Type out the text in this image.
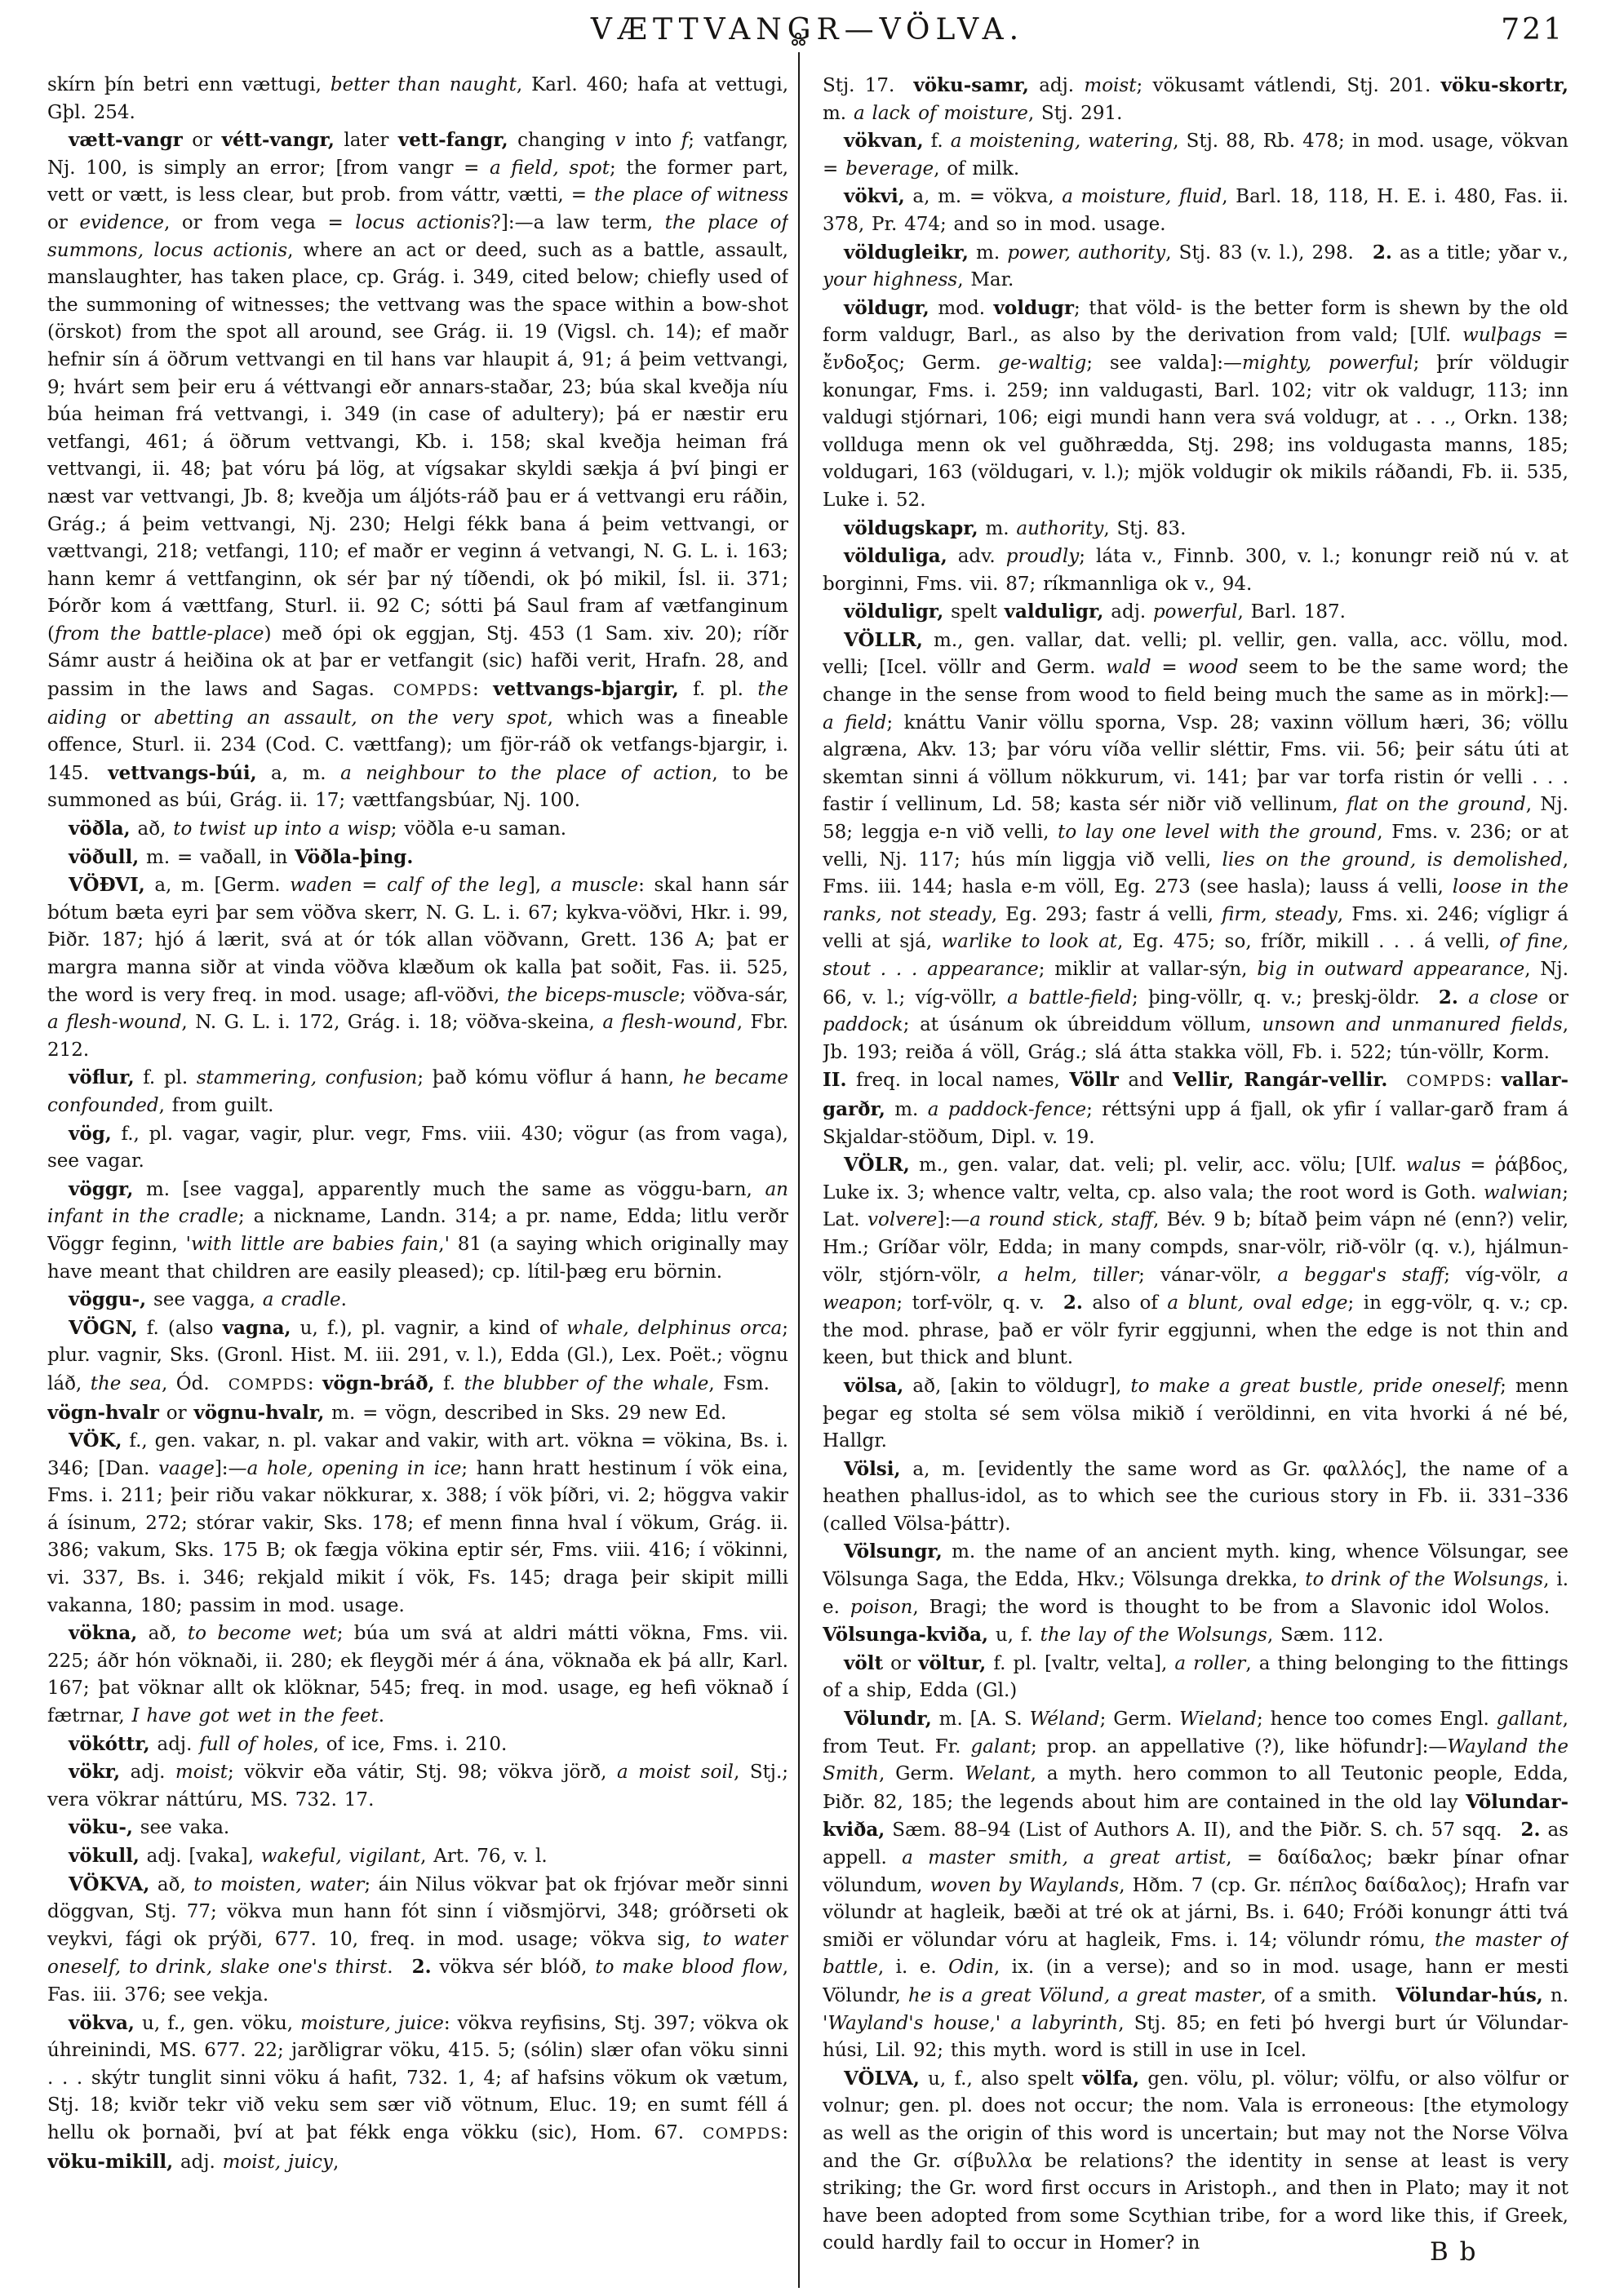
VÆTTVANGR—VÖLVA.	721

skírn þín betri enn vættugi, better than naught, Karl. 460; hafa at vettugi, Gþl. 254.

vætt-vangr or vétt-vangr, later vett-fangr, changing v into f; vatfangr, Nj. 100, is simply an error; [from vangr = a field, spot; the former part, vett or vætt, is less clear, but prob. from váttr, vætti, = the place of witness or evidence, or from vega = locus actionis?]:—a law term, the place of summons, locus actionis, where an act or deed, such as a battle, assault, manslaughter, has taken place, cp. Grág. i. 349, cited below; chiefly used of the summoning of witnesses; the vettvang was the space within a bow-shot (örskot) from the spot all around, see Grág. ii. 19 (Vigsl. ch. 14); ef maðr hefnir sín á öðrum vettvangi en til hans var hlaupit á, 91; á þeim vettvangi, 9; hvárt sem þeir eru á véttvangi eðr annars-staðar, 23; búa skal kveðja níu búa heiman frá vettvangi, i. 349 (in case of adultery); þá er næstir eru vetfangi, 461; á öðrum vettvangi, Kb. i. 158; skal kveðja heiman frá vettvangi, ii. 48; þat vóru þá lög, at vígsakar skyldi sækja á því þingi er næst var vettvangi, Jb. 8; kveðja um áljóts-ráð þau er á vettvangi eru ráðin, Grág.; á þeim vettvangi, Nj. 230; Helgi fékk bana á þeim vettvangi, or vættvangi, 218; vetfangi, 110; ef maðr er veginn á vetvangi, N. G. L. i. 163; hann kemr á vettfanginn, ok sér þar ný tíðendi, ok þó mikil, Ísl. ii. 371; Þórðr kom á vættfang, Sturl. ii. 92 C; sótti þá Saul fram af vætfanginum (from the battle-place) með ópi ok eggjan, Stj. 453 (1 Sam. xiv. 20); ríðr Sámr austr á heiðina ok at þar er vetfangit (sic) hafði verit, Hrafn. 28, and passim in the laws and Sagas. COMPDS: vettvangs-bjargir, f. pl. the aiding or abetting an assault, on the very spot, which was a fineable offence, Sturl. ii. 234 (Cod. C. vættfang); um fjör-ráð ok vetfangs-bjargir, i. 145. vettvangs-búi, a, m. a neighbour to the place of action, to be summoned as búi, Grág. ii. 17; vættfangsbúar, Nj. 100.

vöðla, að, to twist up into a wisp; vöðla e-u saman.

vöðull, m. = vaðall, in Vöðla-þing.

VÖÐVI, a, m. [Germ. waden = calf of the leg], a muscle: skal hann sár bótum bæta eyri þar sem vöðva skerr, N. G. L. i. 67; kykva-vöðvi, Hkr. i. 99, Þiðr. 187; hjó á lærit, svá at ór tók allan vöðvann, Grett. 136 A; þat er margra manna siðr at vinda vöðva klæðum ok kalla þat soðit, Fas. ii. 525, the word is very freq. in mod. usage; afl-vöðvi, the biceps-muscle; vöðva-sár, a flesh-wound, N. G. L. i. 172, Grág. i. 18; vöðva-skeina, a flesh-wound, Fbr. 212.

vöflur, f. pl. stammering, confusion; það kómu vöflur á hann, he became confounded, from guilt.

vög, f., pl. vagar, vagir, plur. vegr, Fms. viii. 430; vögur (as from vaga), see vagar.

vöggr, m. [see vagga], apparently much the same as vöggu-barn, an infant in the cradle; a nickname, Landn. 314; a pr. name, Edda; litlu verðr Vöggr feginn, 'with little are babies fain,' 81 (a saying which originally may have meant that children are easily pleased); cp. lítil-þæg eru börnin.

vöggu-, see vagga, a cradle.

VÖGN, f. (also vagna, u, f.), pl. vagnir, a kind of whale, delphinus orca; plur. vagnir, Sks. (Gronl. Hist. M. iii. 291, v. l.), Edda (Gl.), Lex. Poët.; vögnu láð, the sea, Ód. COMPDS: vögn-bráð, f. the blubber of the whale, Fsm. vögn-hvalr or vögnu-hvalr, m. = vögn, described in Sks. 29 new Ed.

VÖK, f., gen. vakar, n. pl. vakar and vakir, with art. vökna = vökina, Bs. i. 346; [Dan. vaage]:—a hole, opening in ice; hann hratt hestinum í vök eina, Fms. i. 211; þeir riðu vakar nökkurar, x. 388; í vök þíðri, vi. 2; höggva vakir á ísinum, 272; stórar vakir, Sks. 178; ef menn finna hval í vökum, Grág. ii. 386; vakum, Sks. 175 B; ok fægja vökina eptir sér, Fms. viii. 416; í vökinni, vi. 337, Bs. i. 346; rekjald mikit í vök, Fs. 145; draga þeir skipit milli vakanna, 180; passim in mod. usage.

vökna, að, to become wet; búa um svá at aldri mátti vökna, Fms. vii. 225; áðr hón vöknaði, ii. 280; ek fleygði mér á ána, vöknaða ek þá allr, Karl. 167; þat vöknar allt ok klöknar, 545; freq. in mod. usage, eg hefi vöknað í fætrnar, I have got wet in the feet.

vökóttr, adj. full of holes, of ice, Fms. i. 210.

vökr, adj. moist; vökvir eða vátir, Stj. 98; vökva jörð, a moist soil, Stj.; vera vökrar náttúru, MS. 732. 17.

vöku-, see vaka.

vökull, adj. [vaka], wakeful, vigilant, Art. 76, v. l.

VÖKVA, að, to moisten, water; áin Nilus vökvar þat ok frjóvar meðr sinni döggvan, Stj. 77; vökva mun hann fót sinn í viðsmjörvi, 348; gróðrseti ok veykvi, fági ok prýði, 677. 10, freq. in mod. usage; vökva sig, to water oneself, to drink, slake one's thirst. 2. vökva sér blóð, to make blood flow, Fas. iii. 376; see vekja.

vökva, u, f., gen. vöku, moisture, juice: vökva reyfisins, Stj. 397; vökva ok úhreinindi, MS. 677. 22; jarðligrar vöku, 415. 5; (sólin) slær ofan vöku sinni . . . skýtr tunglit sinni vöku á hafit, 732. 1, 4; af hafsins vökum ok vætum, Stj. 18; kviðr tekr við veku sem sær við vötnum, Eluc. 19; en sumt féll á hellu ok þornaði, því at þat fékk enga vökku (sic), Hom. 67. COMPDS: vöku-mikill, adj. moist, juicy,

Stj. 17. vöku-samr, adj. moist; vökusamt vátlendi, Stj. 201. vöku-skortr, m. a lack of moisture, Stj. 291.

vökvan, f. a moistening, watering, Stj. 88, Rb. 478; in mod. usage, vökvan = beverage, of milk.

vökvi, a, m. = vökva, a moisture, fluid, Barl. 18, 118, H. E. i. 480, Fas. ii. 378, Pr. 474; and so in mod. usage.

völdugleikr, m. power, authority, Stj. 83 (v. l.), 298. 2. as a title; yðar v., your highness, Mar.

völdugr, mod. voldugr; that völd- is the better form is shewn by the old form valdugr, Barl., as also by the derivation from vald; [Ulf. wulþags = ἔνδοξος; Germ. ge-waltig; see valda]:—mighty, powerful; þrír völdugir konungar, Fms. i. 259; inn valdugasti, Barl. 102; vitr ok valdugr, 113; inn valdugi stjórnari, 106; eigi mundi hann vera svá voldugr, at . . ., Orkn. 138; vollduga menn ok vel guðhrædda, Stj. 298; ins voldugasta manns, 185; voldugari, 163 (völdugari, v. l.); mjök voldugir ok mikils ráðandi, Fb. ii. 535, Luke i. 52.

völdugskapr, m. authority, Stj. 83.

völduliga, adv. proudly; láta v., Finnb. 300, v. l.; konungr reið nú v. at borginni, Fms. vii. 87; ríkmannliga ok v., 94.

völduligr, spelt valduligr, adj. powerful, Barl. 187.

VÖLLR, m., gen. vallar, dat. velli; pl. vellir, gen. valla, acc. völlu, mod. velli; [Icel. völlr and Germ. wald = wood seem to be the same word; the change in the sense from wood to field being much the same as in mörk]:—a field; knáttu Vanir völlu sporna, Vsp. 28; vaxinn völlum hæri, 36; völlu algræna, Akv. 13; þar vóru víða vellir sléttir, Fms. vii. 56; þeir sátu úti at skemtan sinni á völlum nökkurum, vi. 141; þar var torfa ristin ór velli . . . fastir í vellinum, Ld. 58; kasta sér niðr við vellinum, flat on the ground, Nj. 58; leggja e-n við velli, to lay one level with the ground, Fms. v. 236; or at velli, Nj. 117; hús mín liggja við velli, lies on the ground, is demolished, Fms. iii. 144; hasla e-m völl, Eg. 273 (see hasla); lauss á velli, loose in the ranks, not steady, Eg. 293; fastr á velli, firm, steady, Fms. xi. 246; vígligr á velli at sjá, warlike to look at, Eg. 475; so, fríðr, mikill . . . á velli, of fine, stout . . . appearance; miklir at vallar-sýn, big in outward appearance, Nj. 66, v. l.; víg-völlr, a battle-field; þing-völlr, q. v.; þreskj-öldr. 2. a close or paddock; at úsánum ok úbreiddum völlum, unsown and unmanured fields, Jb. 193; reiða á völl, Grág.; slá átta stakka völl, Fb. i. 522; tún-völlr, Korm. II. freq. in local names, Völlr and Vellir, Rangár-vellir.  COMPDS: vallar-garðr, m. a paddock-fence; réttsýni upp á fjall, ok yfir í vallar-garð fram á Skjaldar-stöðum, Dipl. v. 19.

VÖLR, m., gen. valar, dat. veli; pl. velir, acc. völu; [Ulf. walus = ῥάβδος, Luke ix. 3; whence valtr, velta, cp. also vala; the root word is Goth. walwian; Lat. volvere]:—a round stick, staff, Bév. 9 b; bítað þeim vápn né (enn?) velir, Hm.; Gríðar völr, Edda; in many compds, snar-völr, rið-völr (q. v.), hjálmun-völr, stjórn-völr, a helm, tiller; vánar-völr, a beggar's staff; víg-völr, a weapon; torf-völr, q. v. 2. also of a blunt, oval edge; in egg-völr, q. v.; cp. the mod. phrase, það er völr fyrir eggjunni, when the edge is not thin and keen, but thick and blunt.

völsa, að, [akin to völdugr], to make a great bustle, pride oneself; menn þegar eg stolta sé sem völsa mikið í veröldinni, en vita hvorki á né bé, Hallgr.

Völsi, a, m. [evidently the same word as Gr. φαλλός], the name of a heathen phallus-idol, as to which see the curious story in Fb. ii. 331–336 (called Völsa-þáttr).

Völsungr, m. the name of an ancient myth. king, whence Völsungar, see Völsunga Saga, the Edda, Hkv.; Völsunga drekka, to drink of the Wolsungs, i. e. poison, Bragi; the word is thought to be from a Slavonic idol Wolos. Völsunga-kviða, u, f. the lay of the Wolsungs, Sæm. 112.

völt or völtur, f. pl. [valtr, velta], a roller, a thing belonging to the fittings of a ship, Edda (Gl.)

Völundr, m. [A. S. Wéland; Germ. Wieland; hence too comes Engl. gallant, from Teut. Fr. galant; prop. an appellative (?), like höfundr]:—Wayland the Smith, Germ. Welant, a myth. hero common to all Teutonic people, Edda, Þiðr. 82, 185; the legends about him are contained in the old lay Völundar-kviða, Sæm. 88–94 (List of Authors A. II), and the Þiðr. S. ch. 57 sqq. 2. as appell. a master smith, a great artist, = δαίδαλος; bækr þínar ofnar völundum, woven by Waylands, Hðm. 7 (cp. Gr. πέπλος δαίδαλος); Hrafn var völundr at hagleik, bæði at tré ok at járni, Bs. i. 640; Fróði konungr átti tvá smiði er völundar vóru at hagleik, Fms. i. 14; völundr rómu, the master of battle, i. e. Odin, ix. (in a verse); and so in mod. usage, hann er mesti Völundr, he is a great Völund, a great master, of a smith. Völundar-hús, n. 'Wayland's house,' a labyrinth, Stj. 85; en feti þó hvergi burt úr Völundar-húsi, Lil. 92; this myth. word is still in use in Icel.

VÖLVA, u, f., also spelt völfa, gen. völu, pl. völur; völfu, or also völfur or volnur; gen. pl. does not occur; the nom. Vala is erroneous: [the etymology as well as the origin of this word is uncertain; but may not the Norse Völva and the Gr. σίβυλλα be relations? the identity in sense at least is very striking; the Gr. word first occurs in Aristoph., and then in Plato; may it not have been adopted from some Scythian tribe, for a word like this, if Greek, could hardly fail to occur in Homer? in	B b
